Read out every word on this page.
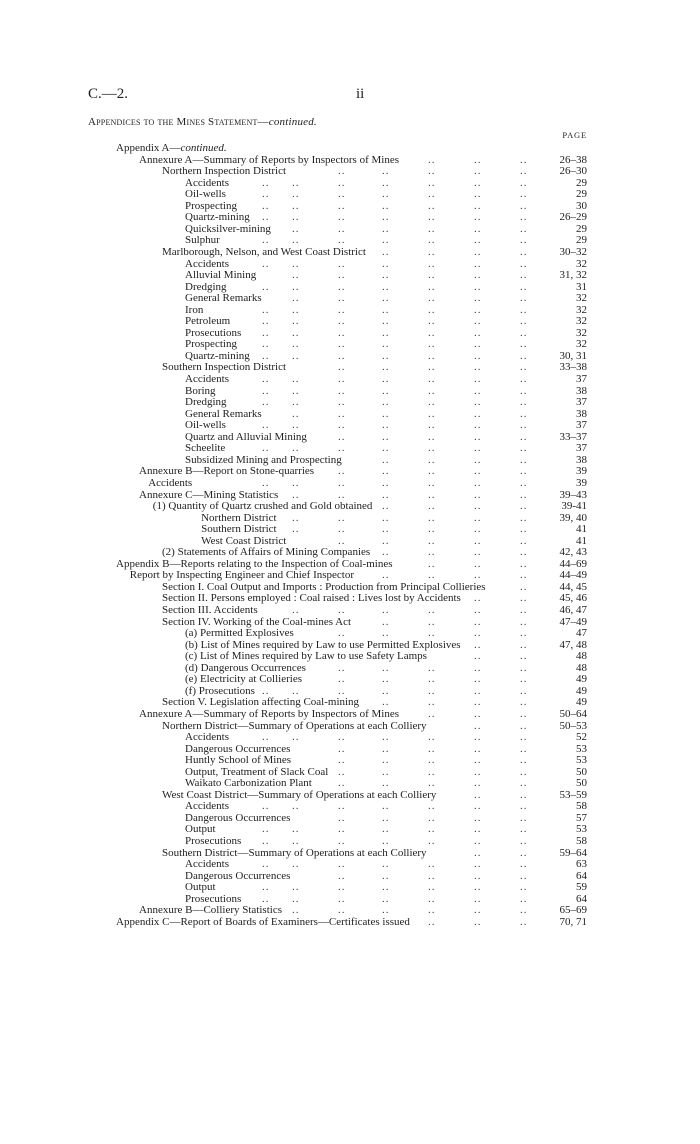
C.—2.	ii
Appendices to the Mines Statement—continued.
PAGE
Appendix A—continued.
Annexure A—Summary of Reports by Inspectors of Mines	..	..	..	26–38
Northern Inspection District	..	..	..	..	..	26–30
Accidents	.. ..	..	..	..	..	..	29
Oil-wells	.. ..	..	..	..	..	..	29
Prospecting .. ..	..	..	..	..	..	30
Quartz-mining .. ..	..	..	..	..	..	26–29
Quicksilver-mining ..	..	..	..	..	..	29
Sulphur	.. ..	..	..	..	..	..	29
Marlborough, Nelson, and West Coast District ..	..	..	..	30–32
Accidents	.. ..	..	..	..	..	..	32
Alluvial Mining	..	..	..	..	..	..	31, 32
Dredging	.. ..	..	..	..	..	..	31
General Remarks	..	..	..	..	..	..	32
Iron	.. ..	..	..	..	..	..	32
Petroleum	.. ..	..	..	..	..	..	32
Prosecutions .. ..	..	..	..	..	..	32
Prospecting .. ..	..	..	..	..	..	32
Quartz-mining .. ..	..	..	..	..	..	30, 31
Southern Inspection District	..	..	..	..	..	33–38
Accidents	.. ..	..	..	..	..	..	37
Boring	.. ..	..	..	..	..	..	38
Dredging	.. ..	..	..	..	..	..	37
General Remarks	..	..	..	..	..	..	38
Oil-wells	.. ..	..	..	..	..	..	37
Quartz and Alluvial Mining	..	..	..	..	..	33–37
Scheelite	.. ..	..	..	..	..	..	37
Subsidized Mining and Prospecting	..	..	..	..	38
Annexure B—Report on Stone-quarries ..	..	..	..	..	39
Accidents	.. ..	..	..	..	..	..	39
Annexure C—Mining Statistics ..	..	..	..	..	..	39–43
(1) Quantity of Quartz crushed and Gold obtained ..	..	..	..	39-41
Northern District ..	..	..	..	..	..	39, 40
Southern District ..	..	..	..	..	..	41
West Coast District	..	..	..	..	..	41
(2) Statements of Affairs of Mining Companies ..	..	..	..	42, 43
Appendix B—Reports relating to the Inspection of Coal-mines	..	..	..	44–69
Report by Inspecting Engineer and Chief Inspector	..	..	..	..	44–49
Section I. Coal Output and Imports : Production from Principal Collieries	..	44, 45
Section II. Persons employed : Coal raised : Lives lost by Accidents ..	..	45, 46
Section III. Accidents	..	..	..	..	..	..	46, 47
Section IV. Working of the Coal-mines Act	..	..	..	..	47–49
(a) Permitted Explosives	..	..	..	..	..	47
(b) List of Mines required by Law to use Permitted Explosives ..	..	47, 48
(c) List of Mines required by Law to use Safety Lamps	..	..	48
(d) Dangerous Occurrences	..	..	..	..	..	48
(e) Electricity at Collieries	..	..	..	..	..	49
(f) Prosecutions .. ..	..	..	..	..	..	49
Section V. Legislation affecting Coal-mining ..	..	..	..	49
Annexure A—Summary of Reports by Inspectors of Mines	..	..	..	50–64
Northern District—Summary of Operations at each Colliery	..	..	50–53
Accidents	.. ..	..	..	..	..	..	52
Dangerous Occurrences	..	..	..	..	..	53
Huntly School of Mines	..	..	..	..	..	53
Output, Treatment of Slack Coal ..	..	..	..	..	50
Waikato Carbonization Plant ..	..	..	..	..	50
West Coast District—Summary of Operations at each Colliery	..	..	53–59
Accidents	.. ..	..	..	..	..	..	58
Dangerous Occurrences	..	..	..	..	..	57
Output	.. ..	..	..	..	..	..	53
Prosecutions .. ..	..	..	..	..	..	58
Southern District—Summary of Operations at each Colliery	..	..	59–64
Accidents	.. ..	..	..	..	..	..	63
Dangerous Occurrences	..	..	..	..	..	64
Output	.. ..	..	..	..	..	..	59
Prosecutions .. ..	..	..	..	..	..	64
Annexure B—Colliery Statistics ..	..	..	..	..	..	65–69
Appendix C—Report of Boards of Examiners—Certificates issued ..	..	..	70, 71
